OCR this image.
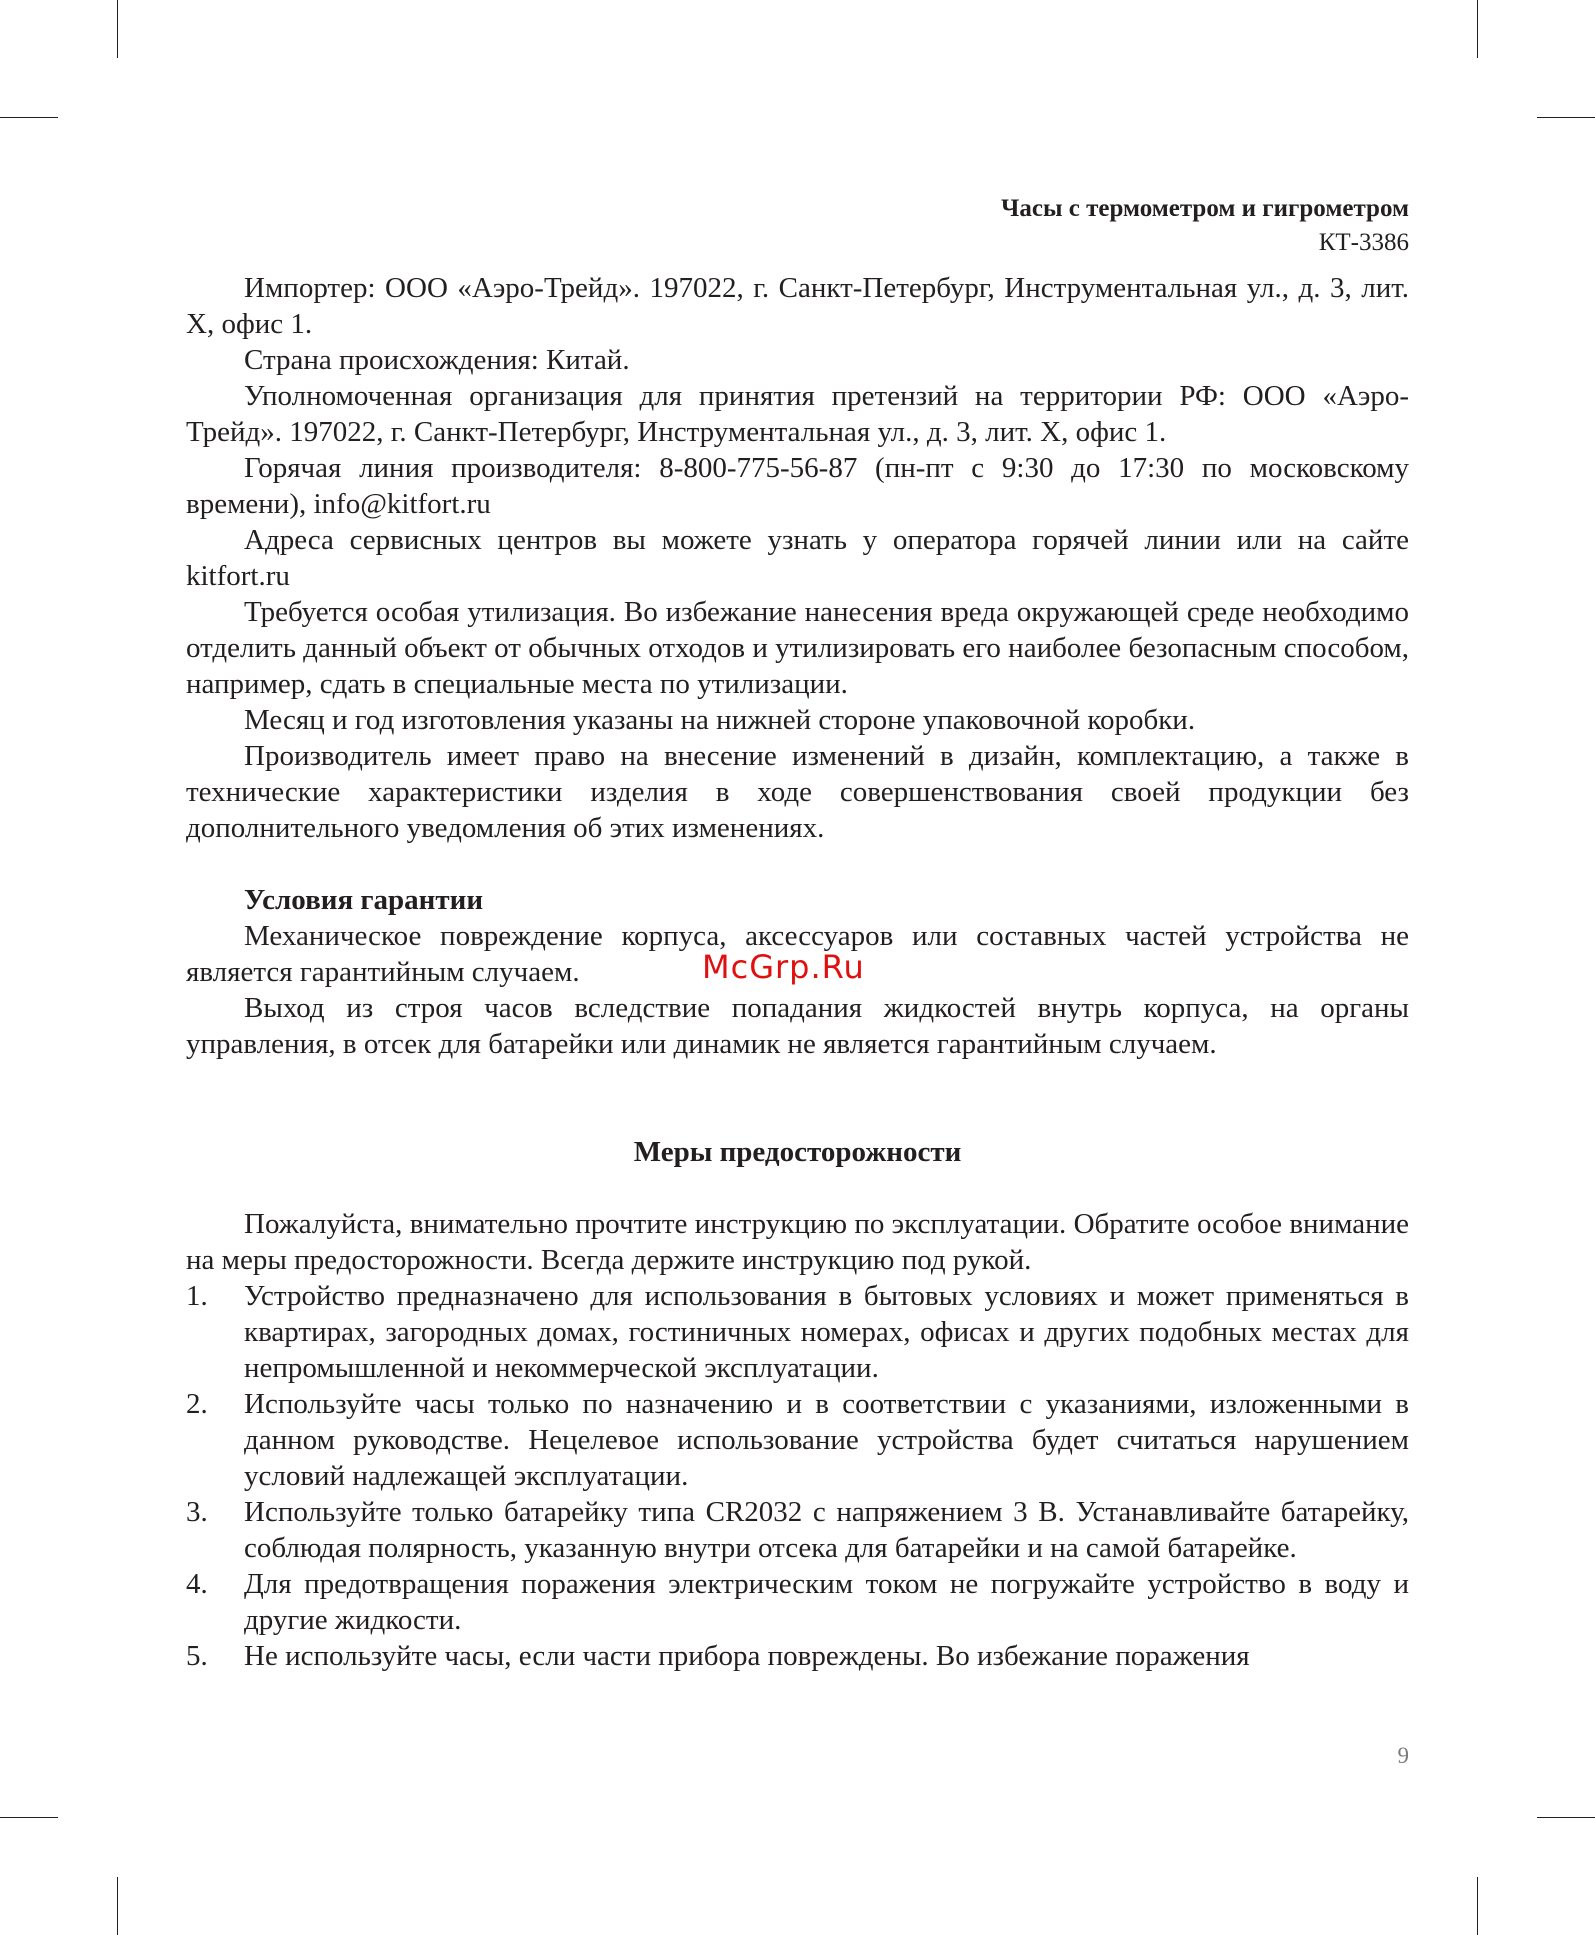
Часы с термометром и гигрометром
КТ-3386

Импортер: ООО «Аэро-Трейд». 197022, г. Санкт-Петербург, Инструментальная ул., д. 3, лит. Х, офис 1.

Страна происхождения: Китай.

Уполномоченная организация для принятия претензий на территории РФ: ООО «Аэро-Трейд». 197022, г. Санкт-Петербург, Инструментальная ул., д. 3, лит. Х, офис 1.

Горячая линия производителя: 8-800-775-56-87 (пн-пт с 9:30 до 17:30 по московскому времени), info@kitfort.ru

Адреса сервисных центров вы можете узнать у оператора горячей линии или на сайте kitfort.ru

Требуется особая утилизация. Во избежание нанесения вреда окружающей среде необходимо отделить данный объект от обычных отходов и утилизировать его наиболее безопасным способом, например, сдать в специальные места по утилизации.

Месяц и год изготовления указаны на нижней стороне упаковочной коробки.

Производитель имеет право на внесение изменений в дизайн, комплектацию, а также в технические характеристики изделия в ходе совершенствования своей продукции без дополнительного уведомления об этих изменениях.

Условия гарантии

Механическое повреждение корпуса, аксессуаров или составных частей устройства не является гарантийным случаем.

Выход из строя часов вследствие попадания жидкостей внутрь корпуса, на органы управления, в отсек для батарейки или динамик не является гарантийным случаем.

Меры предосторожности

Пожалуйста, внимательно прочтите инструкцию по эксплуатации. Обратите особое внимание на меры предосторожности. Всегда держите инструкцию под рукой.

1. Устройство предназначено для использования в бытовых условиях и может применяться в квартирах, загородных домах, гостиничных номерах, офисах и других подобных местах для непромышленной и некоммерческой эксплуатации.
2. Используйте часы только по назначению и в соответствии с указаниями, изложенными в данном руководстве. Нецелевое использование устройства будет считаться нарушением условий надлежащей эксплуатации.
3. Используйте только батарейку типа CR2032 с напряжением 3 В. Устанавливайте батарейку, соблюдая полярность, указанную внутри отсека для батарейки и на самой батарейке.
4. Для предотвращения поражения электрическим током не погружайте устройство в воду и другие жидкости.
5. Не используйте часы, если части прибора повреждены. Во избежание поражения
McGrp.Ru
9
